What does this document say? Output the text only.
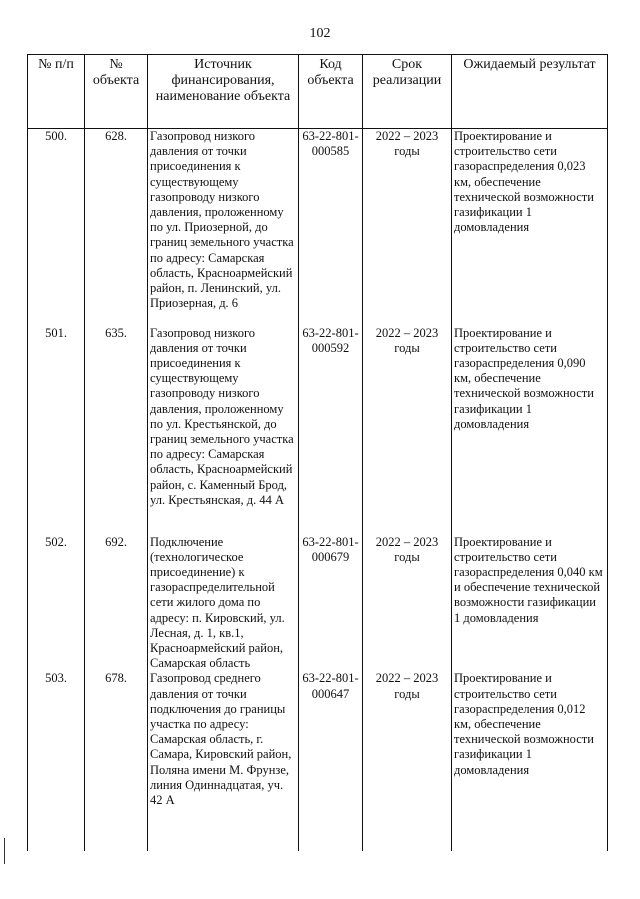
102
№ п/п	№ объекта	Источник финансирования, наименование объекта	Код объекта	Срок реализации	Ожидаемый результат
500.	628.	Газопровод низкого давления от точки присоединения к существующему газопроводу низкого давления, проложенному по ул. Приозерной, до границ земельного участка по адресу: Самарская область, Красноармейский район, п. Ленинский, ул. Приозерная, д. 6	63-22-801-000585	2022 – 2023 годы	Проектирование и строительство сети газораспределения 0,023 км, обеспечение технической возможности газификации 1 домовладения
501.	635.	Газопровод низкого давления от точки присоединения к существующему газопроводу низкого давления, проложенному по ул. Крестьянской, до границ земельного участка по адресу: Самарская область, Красноармейский район, с. Каменный Брод, ул. Крестьянская, д. 44 А	63-22-801-000592	2022 – 2023 годы	Проектирование и строительство сети газораспределения 0,090 км, обеспечение технической возможности газификации 1 домовладения
502.	692.	Подключение (технологическое присоединение) к газораспределительной сети жилого дома по адресу: п. Кировский, ул. Лесная, д. 1, кв.1, Красноармейский район, Самарская область	63-22-801-000679	2022 – 2023 годы	Проектирование и строительство сети газораспределения 0,040 км и обеспечение технической возможности газификации 1 домовладения
503.	678.	Газопровод среднего давления от точки подключения до границы участка по адресу: Самарская область, г. Самара, Кировский район, Поляна имени М. Фрунзе, линия Одиннадцатая, уч. 42 А	63-22-801-000647	2022 – 2023 годы	Проектирование и строительство сети газораспределения 0,012 км, обеспечение технической возможности газификации 1 домовладения
